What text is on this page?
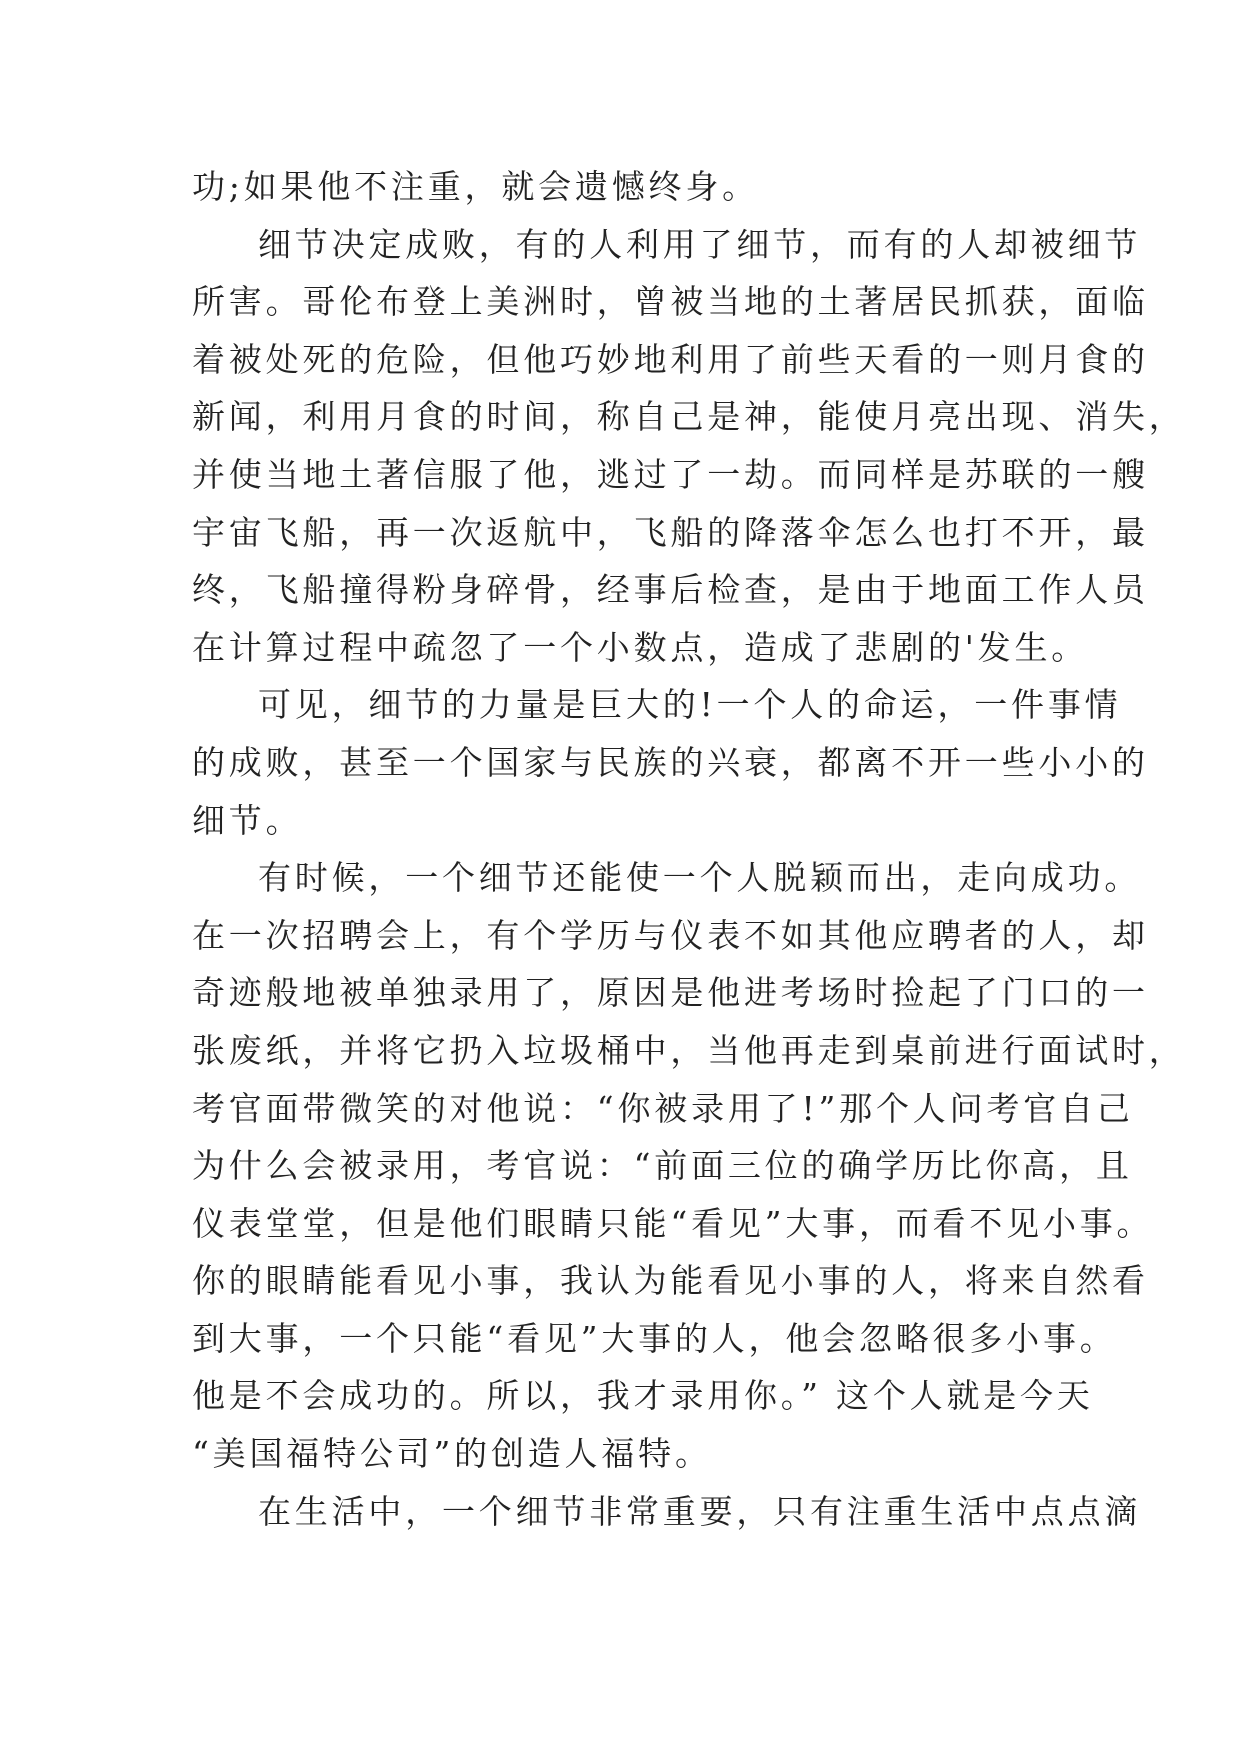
功;如果他不注重，就会遗憾终身。
细节决定成败，有的人利用了细节，而有的人却被细节
所害。哥伦布登上美洲时，曾被当地的土著居民抓获，面临
着被处死的危险，但他巧妙地利用了前些天看的一则月食的
新闻，利用月食的时间，称自己是神，能使月亮出现、消失，
并使当地土著信服了他，逃过了一劫。而同样是苏联的一艘
宇宙飞船，再一次返航中，飞船的降落伞怎么也打不开，最
终，飞船撞得粉身碎骨，经事后检查，是由于地面工作人员
在计算过程中疏忽了一个小数点，造成了悲剧的'发生。
可见，细节的力量是巨大的!一个人的命运，一件事情
的成败，甚至一个国家与民族的兴衰，都离不开一些小小的
细节。
有时候，一个细节还能使一个人脱颖而出，走向成功。
在一次招聘会上，有个学历与仪表不如其他应聘者的人，却
奇迹般地被单独录用了，原因是他进考场时捡起了门口的一
张废纸，并将它扔入垃圾桶中，当他再走到桌前进行面试时，
考官面带微笑的对他说：“你被录用了!”那个人问考官自己
为什么会被录用，考官说：“前面三位的确学历比你高，且
仪表堂堂，但是他们眼睛只能“看见”大事，而看不见小事。
你的眼睛能看见小事，我认为能看见小事的人，将来自然看
到大事，一个只能“看见”大事的人，他会忽略很多小事。
他是不会成功的。所以，我才录用你。” 这个人就是今天
“美国福特公司”的创造人福特。
在生活中，一个细节非常重要，只有注重生活中点点滴
